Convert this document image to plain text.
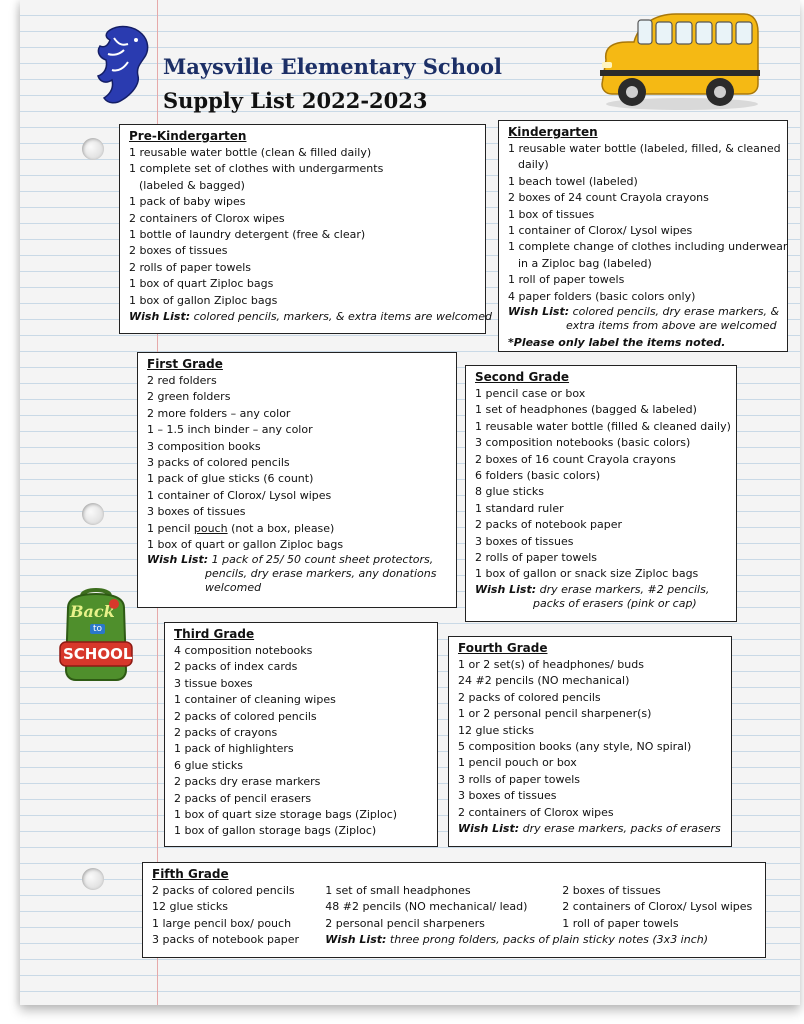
Maysville Elementary School
Supply List 2022-2023
Back
to
SCHOOL
Pre-Kindergarten
1 reusable water bottle (clean & filled daily)
1 complete set of clothes with undergarments
(labeled & bagged)
1 pack of baby wipes
2 containers of Clorox wipes
1 bottle of laundry detergent (free & clear)
2 boxes of tissues
2 rolls of paper towels
1 box of quart Ziploc bags
1 box of gallon Ziploc bags
Wish List: colored pencils, markers, & extra items are welcomed
Kindergarten
1 reusable water bottle (labeled, filled, & cleaned
daily)
1 beach towel (labeled)
2 boxes of 24 count Crayola crayons
1 box of tissues
1 container of Clorox/ Lysol wipes
1 complete change of clothes including underwear
in a Ziploc bag (labeled)
1 roll of paper towels
4 paper folders (basic colors only)
Wish List: colored pencils, dry erase markers, &
extra items from above are welcomed
*Please only label the items noted.
First Grade
2 red folders
2 green folders
2 more folders – any color
1 – 1.5 inch binder – any color
3 composition books
3 packs of colored pencils
1 pack of glue sticks (6 count)
1 container of Clorox/ Lysol wipes
3 boxes of tissues
1 pencil pouch (not a box, please)
1 box of quart or gallon Ziploc bags
Wish List: 1 pack of 25/ 50 count sheet protectors,
pencils, dry erase markers, any donations
welcomed
Second Grade
1 pencil case or box
1 set of headphones (bagged & labeled)
1 reusable water bottle (filled & cleaned daily)
3 composition notebooks (basic colors)
2 boxes of 16 count Crayola crayons
6 folders (basic colors)
8 glue sticks
1 standard ruler
2 packs of notebook paper
3 boxes of tissues
2 rolls of paper towels
1 box of gallon or snack size Ziploc bags
Wish List: dry erase markers, #2 pencils,
packs of erasers (pink or cap)
Third Grade
4 composition notebooks
2 packs of index cards
3 tissue boxes
1 container of cleaning wipes
2 packs of colored pencils
2 packs of crayons
1 pack of highlighters
6 glue sticks
2 packs dry erase markers
2 packs of pencil erasers
1 box of quart size storage bags (Ziploc)
1 box of gallon storage bags (Ziploc)
Fourth Grade
1 or 2 set(s) of headphones/ buds
24 #2 pencils (NO mechanical)
2 packs of colored pencils
1 or 2 personal pencil sharpener(s)
12 glue sticks
5 composition books (any style, NO spiral)
1 pencil pouch or box
3 rolls of paper towels
3 boxes of tissues
2 containers of Clorox wipes
Wish List: dry erase markers, packs of erasers
Fifth Grade
2 packs of colored pencils
12 glue sticks
1 large pencil box/ pouch
3 packs of notebook paper
1 set of small headphones
48 #2 pencils (NO mechanical/ lead)
2 personal pencil sharpeners
Wish List: three prong folders, packs of plain sticky notes (3x3 inch)
2 boxes of tissues
2 containers of Clorox/ Lysol wipes
1 roll of paper towels
